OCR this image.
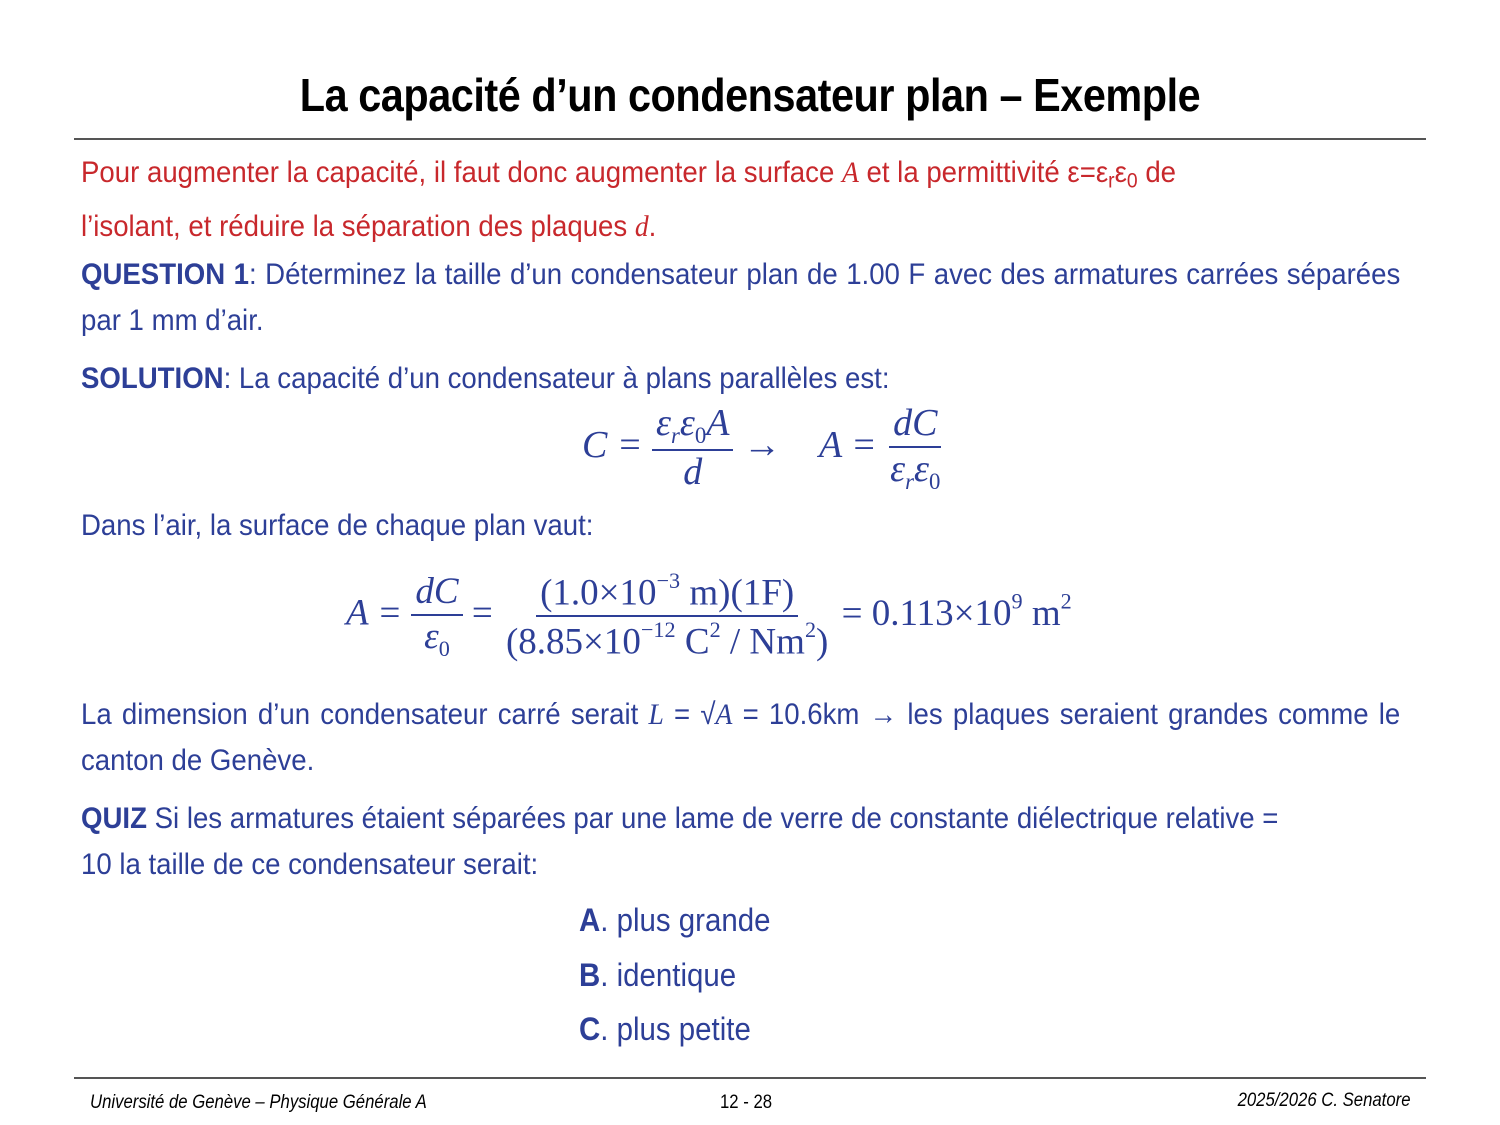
La capacité d’un condensateur plan – Exemple
Pour augmenter la capacité, il faut donc augmenter la surface A et la permittivité $\varepsilon=\varepsilon_r\varepsilon_0$ de
l’isolant, et réduire la séparation des plaques d.
QUESTION 1: Déterminez la taille d’un condensateur plan de 1.00 F avec des armatures carrées séparées par 1 mm d’air.
SOLUTION: La capacité d’un condensateur à plans parallèles est:
$C = \frac{\varepsilon_r\varepsilon_0A}{d} \to A = \frac{dC}{\varepsilon_r\varepsilon_0}$
Dans l’air, la surface de chaque plan vaut:
$A = \frac{dC}{\varepsilon_0} = \frac{(1.0\times 10^{-3} m)(1F)}{(8.85\times 10^{-12} C^2 / Nm^2)} = 0.113\times 10^9$ $m^2$
La dimension d’un condensateur carré serait L = √A = 10.6km → les plaques seraient grandes comme le canton de Genève.
QUIZ Si les armatures étaient séparées par une lame de verre de constante diélectrique relative = 10 la taille de ce condensateur serait:
A. plus grande
B. identique
C. plus petite
Université de Genève – Physique Générale A	12 - 28	2025/2026 C. Senatore
